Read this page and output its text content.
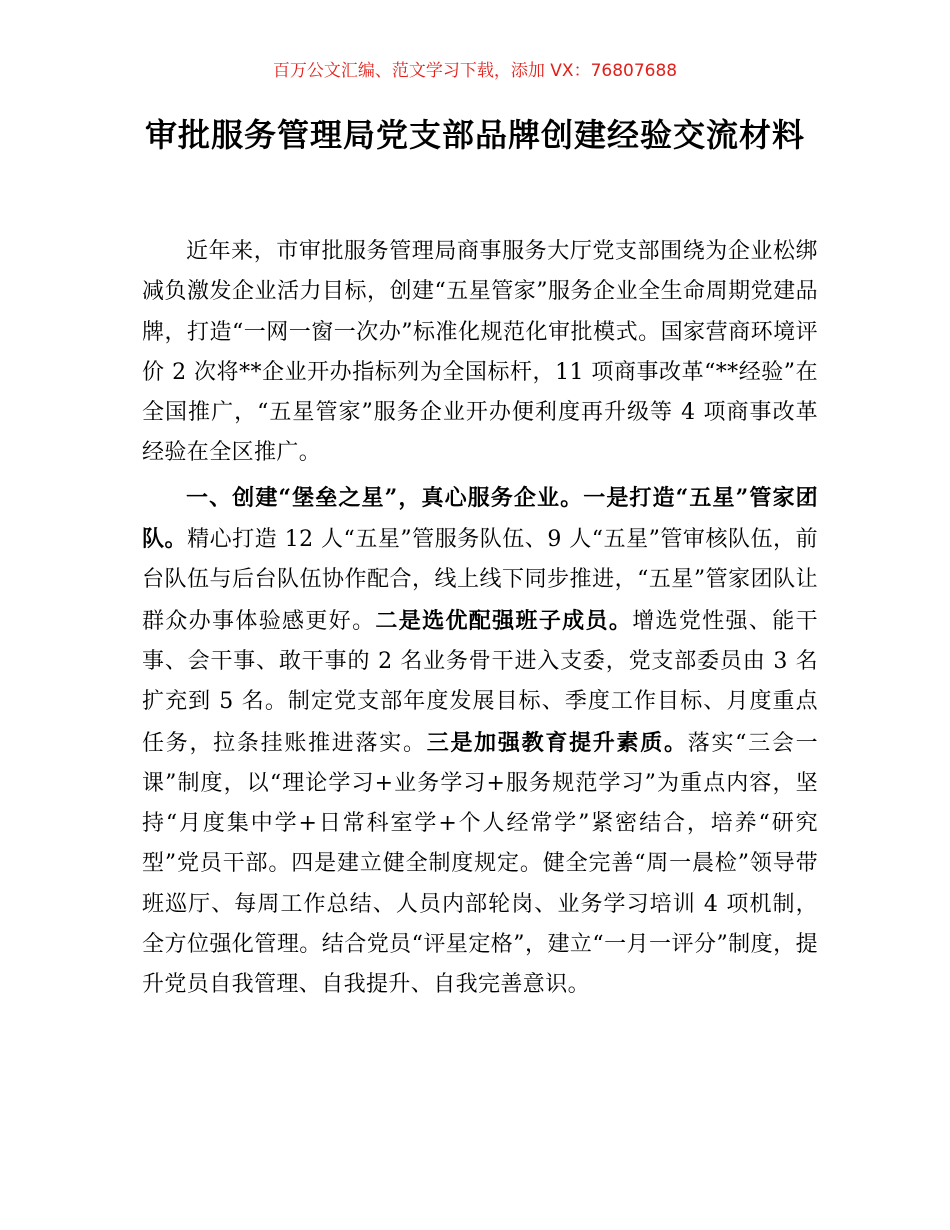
百万公文汇编、范文学习下载，添加 VX：76807688
审批服务管理局党支部品牌创建经验交流材料

近年来，市审批服务管理局商事服务大厅党支部围绕为企业松绑减负激发企业活力目标，创建“五星管家”服务企业全生命周期党建品牌，打造“一网一窗一次办”标准化规范化审批模式。国家营商环境评价 2 次将**企业开办指标列为全国标杆，11 项商事改革“**经验”在全国推广，“五星管家”服务企业开办便利度再升级等 4 项商事改革经验在全区推广。

一、创建“堡垒之星”，真心服务企业。一是打造“五星”管家团队。精心打造 12 人“五星”管服务队伍、9 人“五星”管审核队伍，前台队伍与后台队伍协作配合，线上线下同步推进，“五星”管家团队让群众办事体验感更好。二是选优配强班子成员。增选党性强、能干事、会干事、敢干事的 2 名业务骨干进入支委，党支部委员由 3 名扩充到 5 名。制定党支部年度发展目标、季度工作目标、月度重点任务，拉条挂账推进落实。三是加强教育提升素质。落实“三会一课”制度，以“理论学习+业务学习+服务规范学习”为重点内容，坚持“月度集中学+日常科室学+个人经常学”紧密结合，培养“研究型”党员干部。四是建立健全制度规定。健全完善“周一晨检”领导带班巡厅、每周工作总结、人员内部轮岗、业务学习培训 4 项机制，全方位强化管理。结合党员“评星定格”，建立“一月一评分”制度，提升党员自我管理、自我提升、自我完善意识。
